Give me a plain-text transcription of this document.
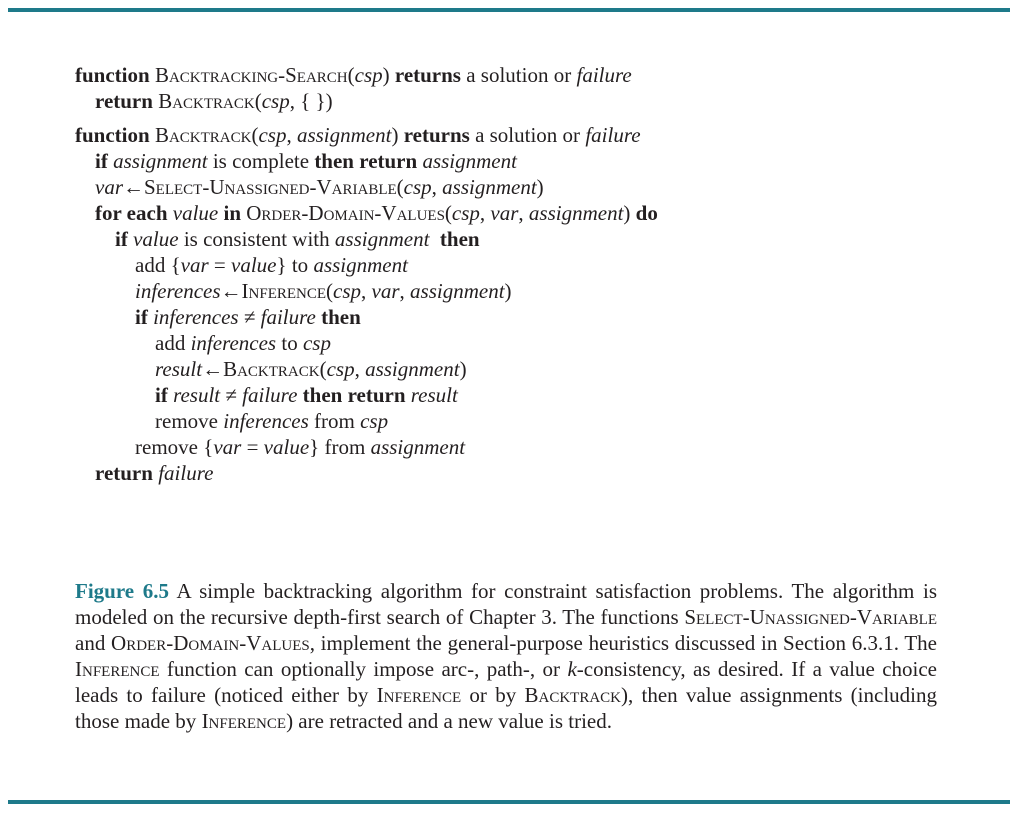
function Backtracking-Search(csp) returns a solution or failure
return Backtrack(csp, { })
function Backtrack(csp, assignment) returns a solution or failure
if assignment is complete then return assignment
var←Select-Unassigned-Variable(csp, assignment)
for each value in Order-Domain-Values(csp, var, assignment) do
if value is consistent with assignment then
add {var = value} to assignment
inferences←Inference(csp, var, assignment)
if inferences ≠ failure then
add inferences to csp
result←Backtrack(csp, assignment)
if result ≠ failure then return result
remove inferences from csp
remove {var = value} from assignment
return failure
Figure 6.5 A simple backtracking algorithm for constraint satisfaction problems. The algorithm is modeled on the recursive depth-first search of Chapter 3. The functions Select-Unassigned-Variable and Order-Domain-Values, implement the general-purpose heuristics discussed in Section 6.3.1. The Inference function can optionally impose arc-, path-, or k-consistency, as desired. If a value choice leads to failure (noticed either by Inference or by Backtrack), then value assignments (including those made by Inference) are retracted and a new value is tried.
